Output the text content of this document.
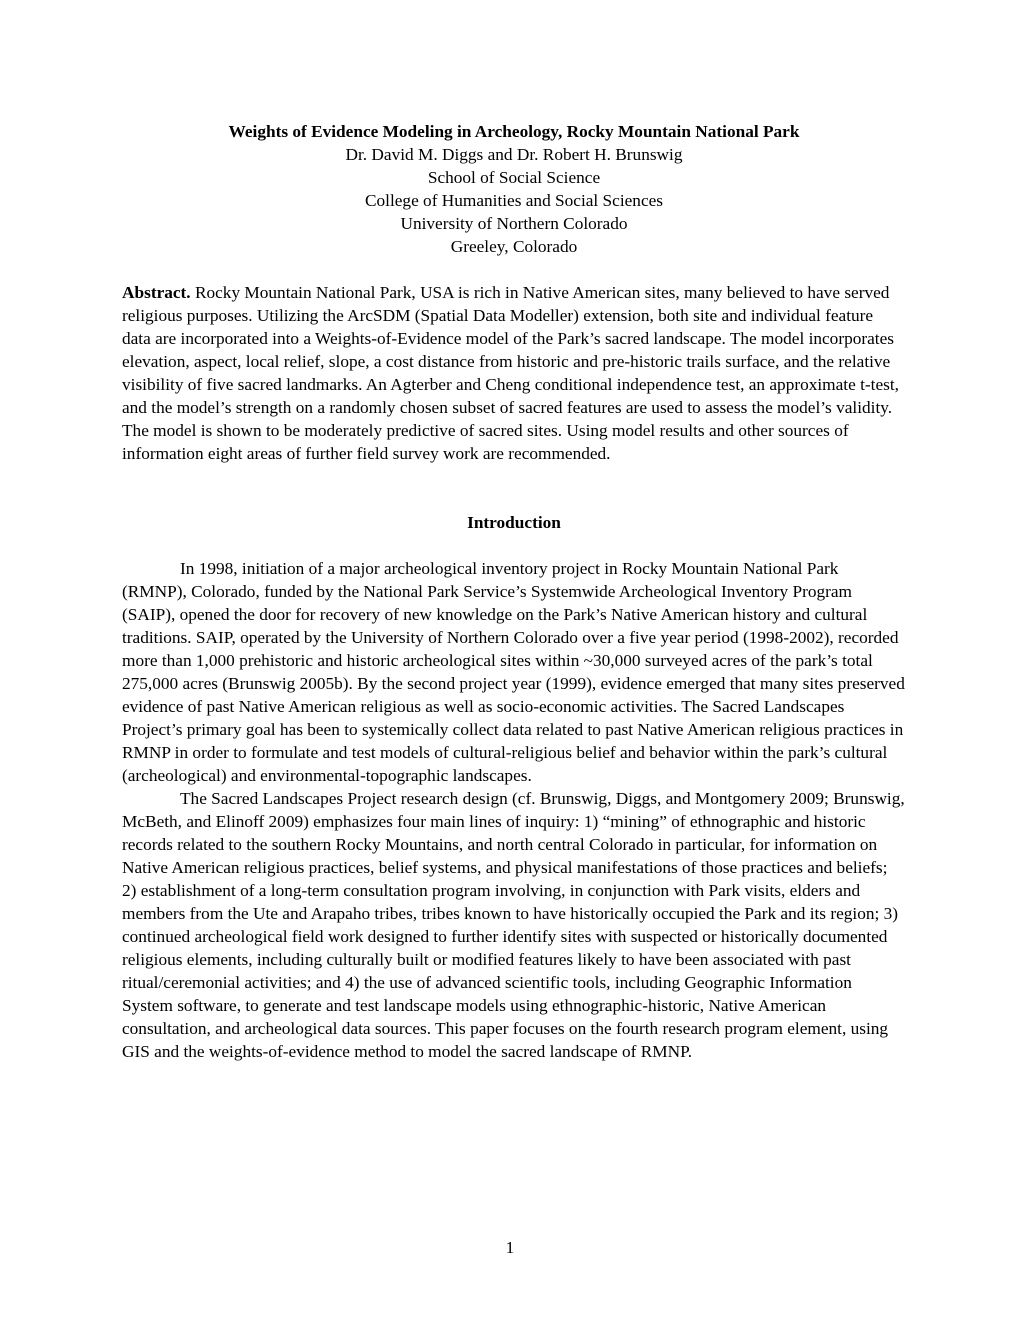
Weights of Evidence Modeling in Archeology, Rocky Mountain National Park

Dr. David M. Diggs and Dr. Robert H. Brunswig

School of Social Science

College of Humanities and Social Sciences

University of Northern Colorado

Greeley, Colorado

Abstract. Rocky Mountain National Park, USA is rich in Native American sites, many believed to have served religious purposes. Utilizing the ArcSDM (Spatial Data Modeller) extension, both site and individual feature data are incorporated into a Weights-of-Evidence model of the Park’s sacred landscape. The model incorporates elevation, aspect, local relief, slope, a cost distance from historic and pre-historic trails surface, and the relative visibility of five sacred landmarks. An Agterber and Cheng conditional independence test, an approximate t-test, and the model’s strength on a randomly chosen subset of sacred features are used to assess the model’s validity. The model is shown to be moderately predictive of sacred sites. Using model results and other sources of information eight areas of further field survey work are recommended.
Introduction

In 1998, initiation of a major archeological inventory project in Rocky Mountain National Park (RMNP), Colorado, funded by the National Park Service’s Systemwide Archeological Inventory Program (SAIP), opened the door for recovery of new knowledge on the Park’s Native American history and cultural traditions. SAIP, operated by the University of Northern Colorado over a five year period (1998-2002), recorded more than 1,000 prehistoric and historic archeological sites within ~30,000 surveyed acres of the park’s total 275,000 acres (Brunswig 2005b). By the second project year (1999), evidence emerged that many sites preserved evidence of past Native American religious as well as socio-economic activities. The Sacred Landscapes Project’s primary goal has been to systemically collect data related to past Native American religious practices in RMNP in order to formulate and test models of cultural-religious belief and behavior within the park’s cultural (archeological) and environmental-topographic landscapes.

The Sacred Landscapes Project research design (cf. Brunswig, Diggs, and Montgomery 2009; Brunswig, McBeth, and Elinoff 2009) emphasizes four main lines of inquiry: 1) “mining” of ethnographic and historic records related to the southern Rocky Mountains, and north central Colorado in particular, for information on Native American religious practices, belief systems, and physical manifestations of those practices and beliefs; 2) establishment of a long-term consultation program involving, in conjunction with Park visits, elders and members from the Ute and Arapaho tribes, tribes known to have historically occupied the Park and its region; 3) continued archeological field work designed to further identify sites with suspected or historically documented religious elements, including culturally built or modified features likely to have been associated with past ritual/ceremonial activities; and 4) the use of advanced scientific tools, including Geographic Information System software, to generate and test landscape models using ethnographic-historic, Native American consultation, and archeological data sources. This paper focuses on the fourth research program element, using GIS and the weights-of-evidence method to model the sacred landscape of RMNP.

1
